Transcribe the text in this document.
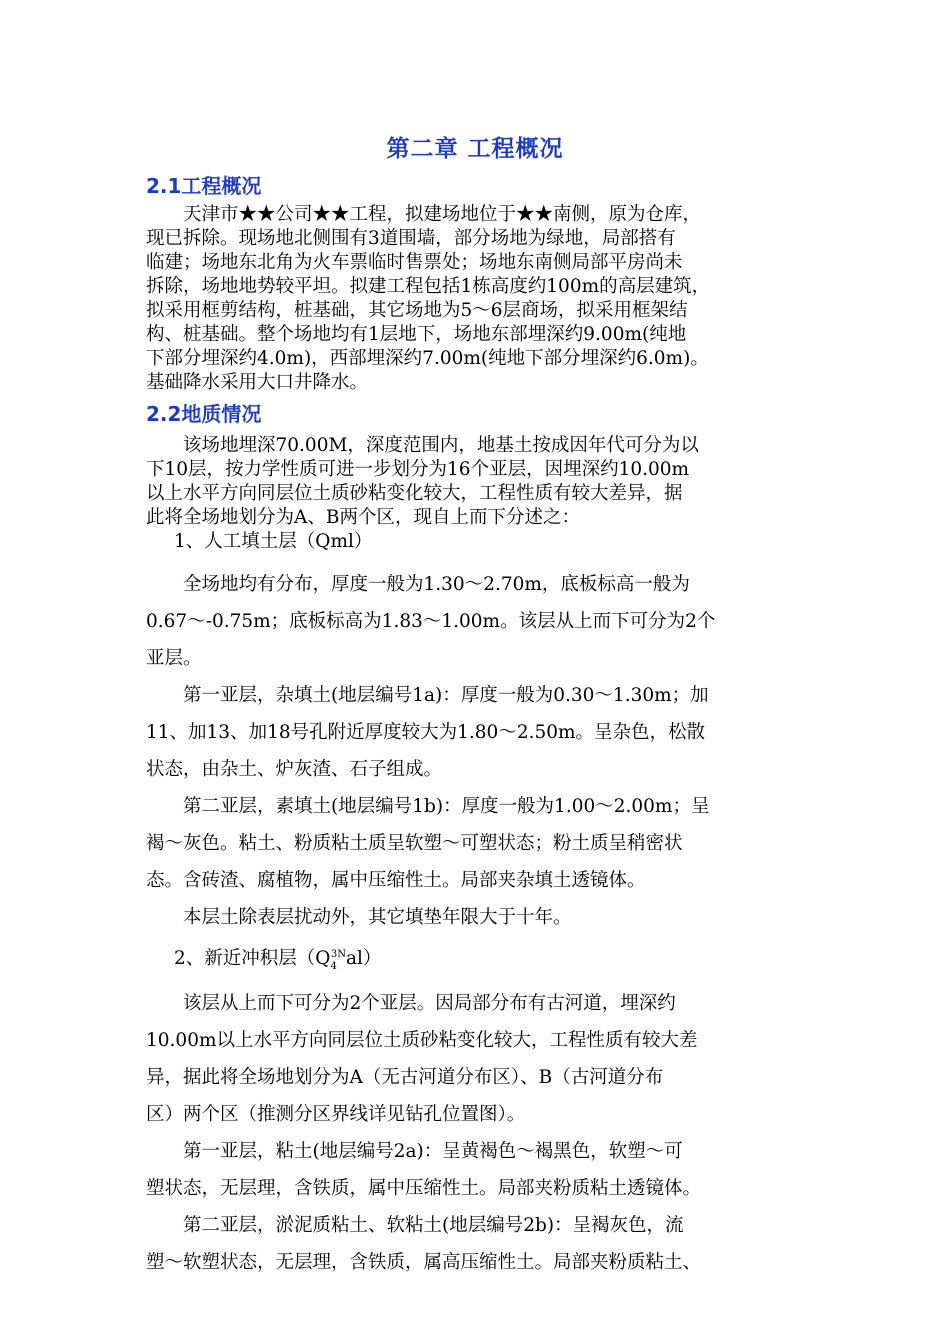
第二章 工程概况
2.1工程概况
天津市★★公司★★工程，拟建场地位于★★南侧，原为仓库，
现已拆除。现场地北侧围有3道围墙，部分场地为绿地，局部搭有
临建；场地东北角为火车票临时售票处；场地东南侧局部平房尚未
拆除，场地地势较平坦。拟建工程包括1栋高度约100m的高层建筑，
拟采用框剪结构，桩基础，其它场地为5～6层商场，拟采用框架结
构、桩基础。整个场地均有1层地下，场地东部埋深约9.00m(纯地
下部分埋深约4.0m)，西部埋深约7.00m(纯地下部分埋深约6.0m)。
基础降水采用大口井降水。
2.2地质情况
该场地埋深70.00M，深度范围内，地基土按成因年代可分为以
下10层，按力学性质可进一步划分为16个亚层，因埋深约10.00m
以上水平方向同层位土质砂粘变化较大，工程性质有较大差异，据
此将全场地划分为A、B两个区，现自上而下分述之：
1、人工填土层（Qml）
全场地均有分布，厚度一般为1.30～2.70m，底板标高一般为
0.67～-0.75m；底板标高为1.83～1.00m。该层从上而下可分为2个
亚层。
第一亚层，杂填土(地层编号1a)：厚度一般为0.30～1.30m；加
11、加13、加18号孔附近厚度较大为1.80～2.50m。呈杂色，松散
状态，由杂土、炉灰渣、石子组成。
第二亚层，素填土(地层编号1b)：厚度一般为1.00～2.00m；呈
褐～灰色。粘土、粉质粘土质呈软塑～可塑状态；粉土质呈稍密状
态。含砖渣、腐植物，属中压缩性土。局部夹杂填土透镜体。
本层土除表层扰动外，其它填垫年限大于十年。
2、新近冲积层$(Q_4^{3N}al)$
该层从上而下可分为2个亚层。因局部分布有古河道，埋深约
10.00m以上水平方向同层位土质砂粘变化较大，工程性质有较大差
异，据此将全场地划分为A（无古河道分布区）、B（古河道分布
区）两个区（推测分区界线详见钻孔位置图）。
第一亚层，粘土(地层编号2a)：呈黄褐色～褐黑色，软塑～可
塑状态，无层理，含铁质，属中压缩性土。局部夹粉质粘土透镜体。
第二亚层，淤泥质粘土、软粘土(地层编号2b)：呈褐灰色，流
塑～软塑状态，无层理，含铁质，属高压缩性土。局部夹粉质粘土、
